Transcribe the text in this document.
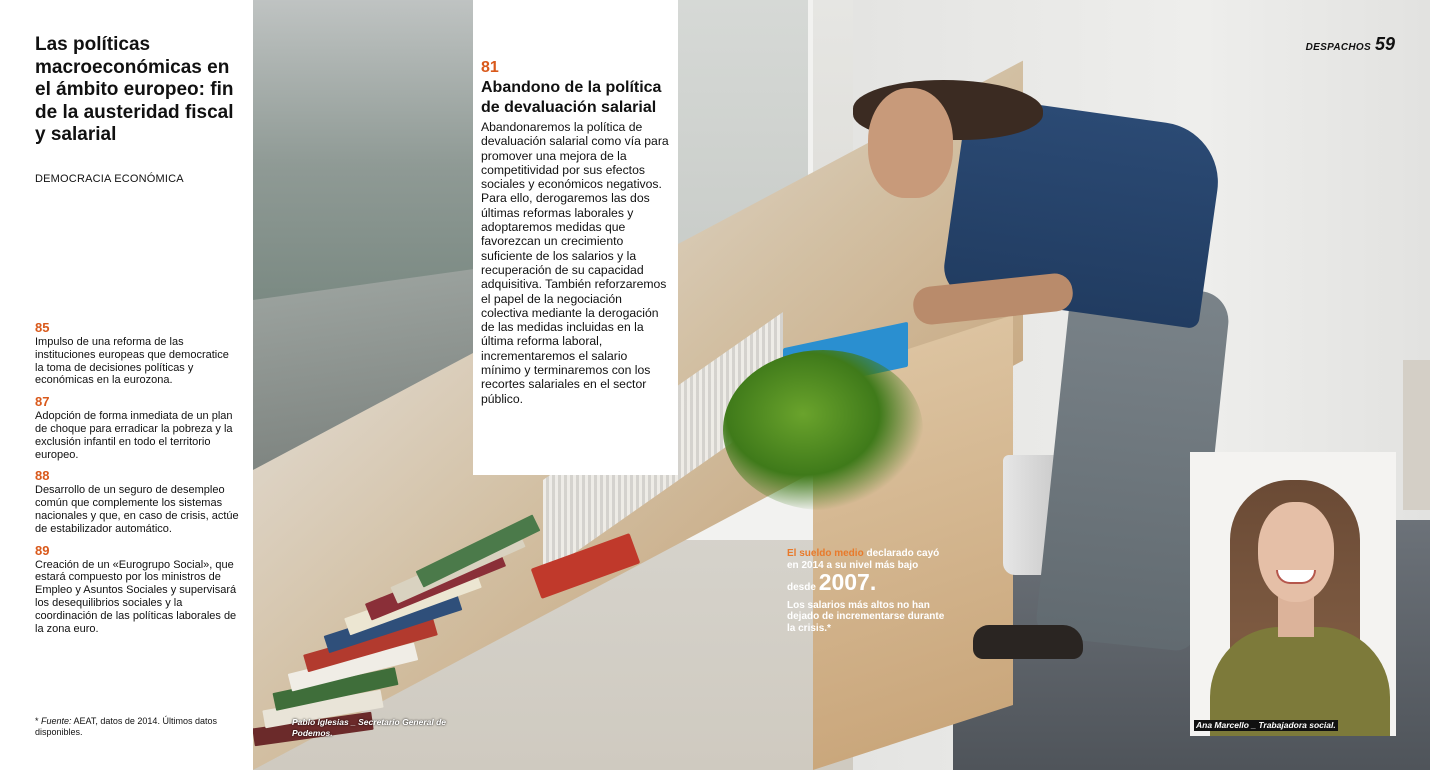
Las políticas macroeconómicas en el ámbito europeo: fin de la austeridad fiscal y salarial
DEMOCRACIA ECONÓMICA
85
Impulso de una reforma de las instituciones europeas que democratice la toma de decisiones políticas y económicas en la eurozona.
87
Adopción de forma inmediata de un plan de choque para erradicar la pobreza y la exclusión infantil en todo el territorio europeo.
88
Desarrollo de un seguro de desempleo común que complemente los sistemas nacionales y que, en caso de crisis, actúe de estabilizador automático.
89
Creación de un «Eurogrupo Social», que estará compuesto por los ministros de Empleo y Asuntos Sociales y supervisará los desequilibrios sociales y la coordinación de las políticas laborales de la zona euro.
* Fuente: AEAT, datos de 2014. Últimos datos disponibles.
81
Abandono de la política de devaluación salarial
Abandonaremos la política de devaluación salarial como vía para promover una mejora de la competitividad por sus efectos sociales y económicos negativos. Para ello, derogaremos las dos últimas reformas laborales y adoptaremos medidas que favorezcan un crecimiento suficiente de los salarios y la recuperación de su capacidad adquisitiva. También reforzaremos el papel de la negociación colectiva mediante la derogación de las medidas incluidas en la última reforma laboral, incrementaremos el salario mínimo y terminaremos con los recortes salariales en el sector público.
DESPACHOS 59
El sueldo medio declarado cayó en 2014 a su nivel más bajo desde 2007.
Los salarios más altos no han dejado de incrementarse durante la crisis.*
Pablo Iglesias _ Secretario General de Podemos.
Ana Marcello _ Trabajadora social.
